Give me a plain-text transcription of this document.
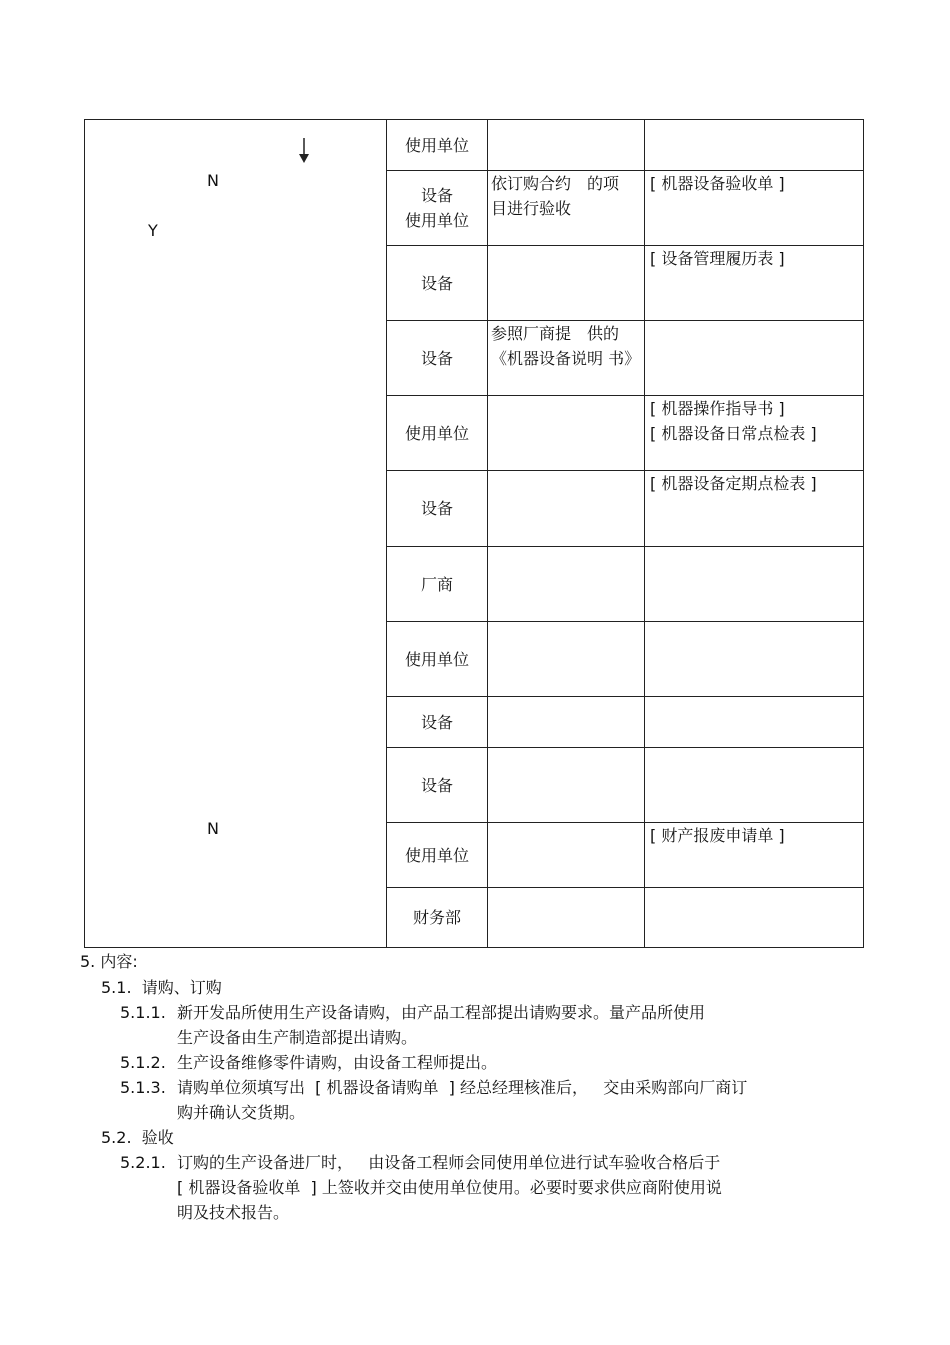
N
Y
N
使用单位
设备
使用单位
依订购合约　的项 目进行验收
[ 机器设备验收单 ]
设备
[ 设备管理履历表 ]
设备
参照厂商提　供的 《机器设备说明 书》
使用单位
[ 机器操作指导书 ]
[ 机器设备日常点检表 ]
设备
[ 机器设备定期点检表 ]
厂商
使用单位
设备
设备
使用单位
[ 财产报废申请单 ]
财务部
5. 内容:
5.1.  请购、订购
5.1.1. 新开发品所使用生产设备请购，由产品工程部提出请购要求。量产品所使用
生产设备由生产制造部提出请购。
5.1.2. 生产设备维修零件请购，由设备工程师提出。
5.1.3. 请购单位须填写出  [ 机器设备请购单  ] 经总经理核准后，   交由采购部向厂商订
购并确认交货期。
5.2.  验收
5.2.1. 订购的生产设备进厂时，   由设备工程师会同使用单位进行试车验收合格后于
[ 机器设备验收单  ] 上签收并交由使用单位使用。必要时要求供应商附使用说
明及技术报告。
